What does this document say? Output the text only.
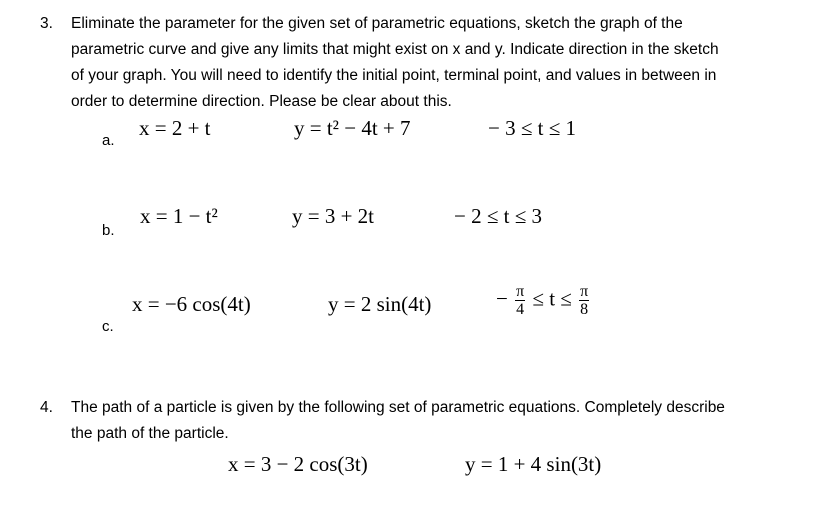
3. Eliminate the parameter for the given set of parametric equations, sketch the graph of the
parametric curve and give any limits that might exist on x and y. Indicate direction in the sketch
of your graph. You will need to identify the initial point, terminal point, and values in between in
order to determine direction. Please be clear about this.
a.
x = 2 + t	y = t² − 4t + 7	− 3 ≤ t ≤ 1
b.
x = 1 − t²	y = 3 + 2t	− 2 ≤ t ≤ 3
c.
x = −6 cos(4t)	y = 2 sin(4t)	− $\frac{\pi}{4} \le t \le \frac{\pi}{8}$
4. The path of a particle is given by the following set of parametric equations. Completely describe
the path of the particle.
x = 3 − 2 cos(3t)	y = 1 + 4 sin(3t)
